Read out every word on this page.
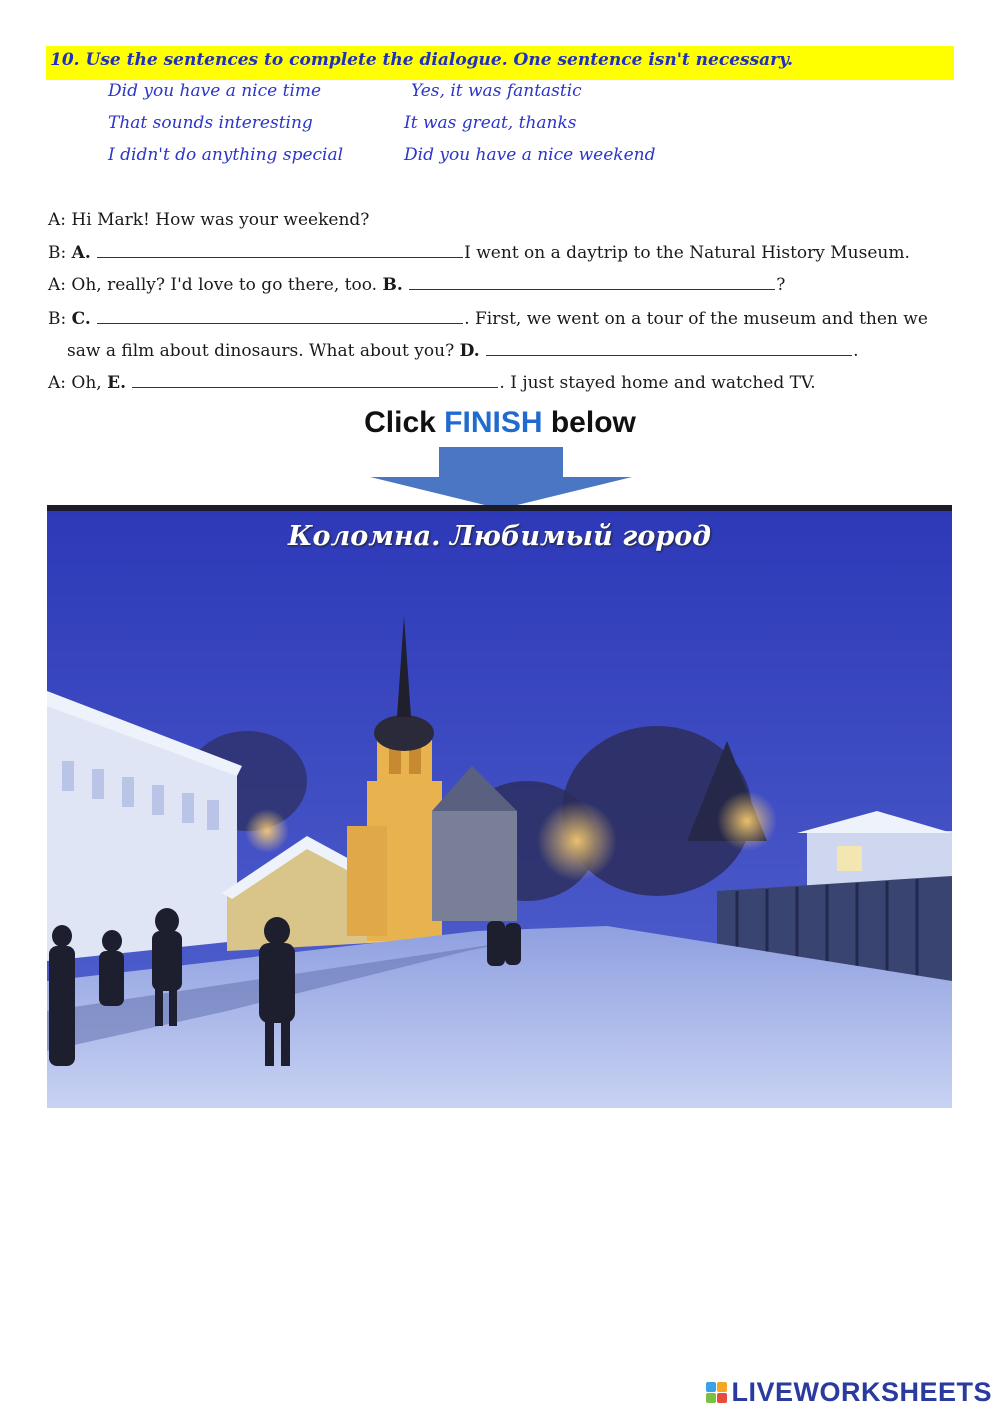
10. Use the sentences to complete the dialogue. One sentence isn't necessary.
Did you have a nice time	Yes, it was fantastic
That sounds interesting	It was great, thanks
I didn't do anything special	Did you have a nice weekend
A: Hi Mark! How was your weekend?
B: A.	I went on a daytrip to the Natural History Museum.
A: Oh, really? I'd love to go there, too. B.	?
B: C.	. First, we went on a tour of the museum and then we
saw a film about dinosaurs. What about you? D.	.
A: Oh, E.	. I just stayed home and watched TV.
Click FINISH below
Коломна. Любимый город
LIVEWORKSHEETS
